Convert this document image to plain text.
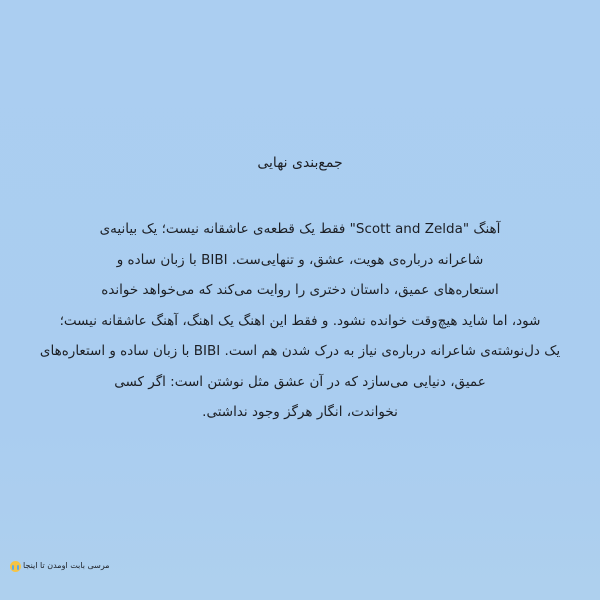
جمع‌بندی نهایی
آهنگ "Scott and Zelda" فقط یک قطعه‌ی عاشقانه نیست؛ یک بیانیه‌ی
شاعرانه درباره‌ی هویت، عشق، و تنهایی‌ست. BIBI با زبان ساده و
استعاره‌های عمیق، داستان دختری را روایت می‌کند که می‌خواهد خوانده
شود، اما شاید هیچ‌وقت خوانده نشود. و فقط این اهنگ یک اهنگ، آهنگ عاشقانه نیست؛
یک دل‌نوشته‌ی شاعرانه درباره‌ی نیاز به درک شدن هم است. BIBI با زبان ساده و استعاره‌های
عمیق، دنیایی می‌سازد که در آن عشق مثل نوشتن است: اگر کسی
نخواندت، انگار هرگز وجود نداشتی.
مرسی بابت اومدن تا اینجا
